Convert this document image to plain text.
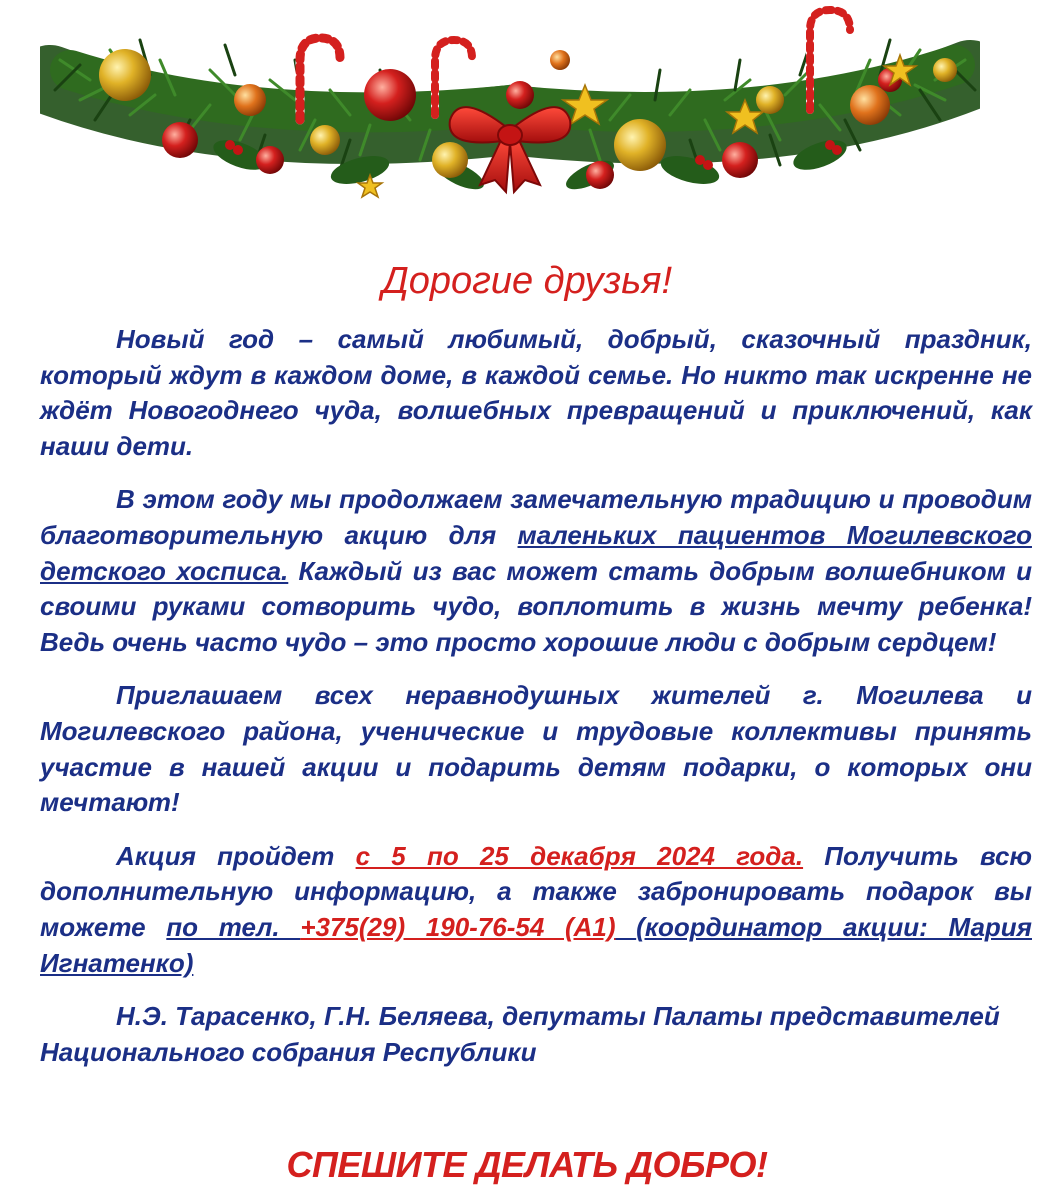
Дорогие друзья!

Новый год – самый любимый, добрый, сказочный праздник, который ждут в каждом доме, в каждой семье. Но никто так искренне не ждёт Новогоднего чуда, волшебных превращений и приключений, как наши дети.

В этом году мы продолжаем замечательную традицию и проводим благотворительную акцию для маленьких пациентов Могилевского детского хосписа. Каждый из вас может стать добрым волшебником и своими руками сотворить чудо, воплотить в жизнь мечту ребенка! Ведь очень часто чудо – это просто хорошие люди с добрым сердцем!

Приглашаем всех неравнодушных жителей г. Могилева и Могилевского района, ученические и трудовые коллективы принять участие в нашей акции и подарить детям подарки, о которых они мечтают!

Акция пройдет с 5 по 25 декабря 2024 года. Получить всю дополнительную информацию, а также забронировать подарок вы можете по тел. +375(29) 190-76-54 (А1) (координатор акции: Мария Игнатенко)

Н.Э. Тарасенко, Г.Н. Беляева, депутаты Палаты представителей Национального собрания Республики

СПЕШИТЕ ДЕЛАТЬ ДОБРО!
